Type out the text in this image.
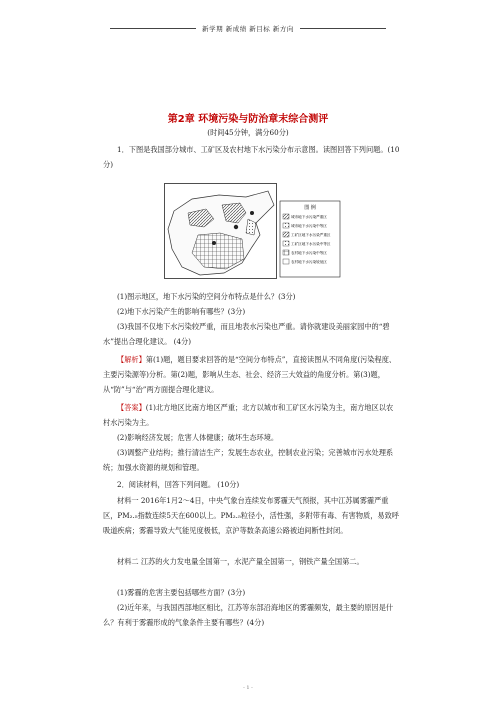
新学期 新成绩 新目标 新方向
第2章 环境污染与防治章末综合测评
(时间45分钟，满分60分)

1．下图是我国部分城市、工矿区及农村地下水污染分布示意图。读图回答下列问题。(10分)

图 例
城市地下水污染严重区
城市地下水污染中等区
工矿区地下水污染严重区
工矿区地下水污染中等区
农村地下水污染中等区
农村地下水污染较低区

(1)图示地区，地下水污染的空间分布特点是什么？(3分)

(2)地下水污染产生的影响有哪些？(3分)

(3)我国不仅地下水污染较严重，而且地表水污染也严重。请你就建设美丽家园中的“碧水”提出合理化建议。 (4分)

【解析】第(1)题，题目要求回答的是“空间分布特点”，直接读图从不同角度(污染程度、主要污染源等)分析。第(2)题，影响从生态、社会、经济三大效益的角度分析。第(3)题，从“防”与“治”两方面提合理化建议。

【答案】(1)北方地区比南方地区严重；北方以城市和工矿区水污染为主，南方地区以农村水污染为主。

(2)影响经济发展；危害人体健康；破坏生态环境。

(3)调整产业结构；推行清洁生产；发展生态农业，控制农业污染；完善城市污水处理系统；加强水资源的规划和管理。

2．阅读材料，回答下列问题。 (10分)

材料一 2016年1月2～4日，中央气象台连续发布雾霾天气预报，其中江苏属雾霾严重区，PM₂.₅指数连续5天在600以上。PM₂.₅粒径小，活性强，多附带有毒、有害物质，易致呼吸道疾病；雾霾导致大气能见度极低，京沪等数条高速公路被迫间断性封闭。

材料二 江苏的火力发电量全国第一，水泥产量全国第一，钢铁产量全国第二。

(1)雾霾的危害主要包括哪些方面？(3分)

(2)近年来，与我国西部地区相比，江苏等东部沿海地区的雾霾频发，最主要的原因是什么？有利于雾霾形成的气象条件主要有哪些？(4分)

- 1 -
